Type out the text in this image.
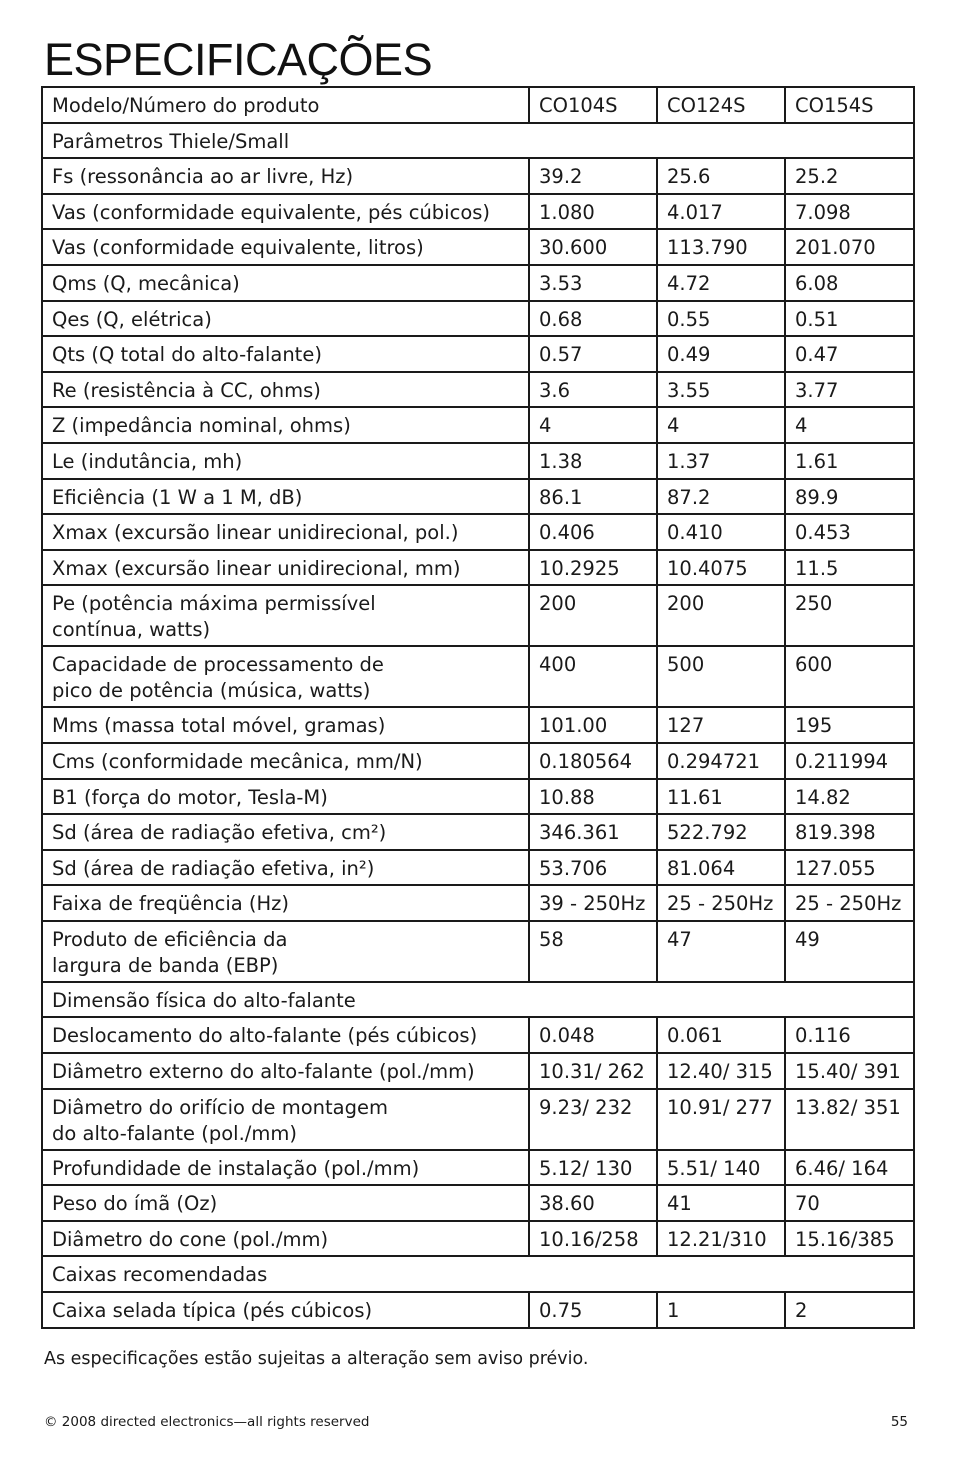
ESPECIFICAÇÕES
Modelo/Número do produto	CO104S	CO124S	CO154S

Parâmetros Thiele/Small			

Fs (ressonância ao ar livre, Hz)	39.2	25.6	25.2

Vas (conformidade equivalente, pés cúbicos)	1.080	4.017	7.098

Vas (conformidade equivalente, litros)	30.600	113.790	201.070

Qms (Q, mecânica)	3.53	4.72	6.08

Qes (Q, elétrica)	0.68	0.55	0.51

Qts (Q total do alto-falante)	0.57	0.49	0.47

Re (resistência à CC, ohms)	3.6	3.55	3.77

Z (impedância nominal, ohms)	4	4	4

Le (indutância, mh)	1.38	1.37	1.61

Eficiência (1 W a 1 M, dB)	86.1	87.2	89.9

Xmax (excursão linear unidirecional, pol.)	0.406	0.410	0.453

Xmax (excursão linear unidirecional, mm)	10.2925	10.4075	11.5

Pe (potência máxima permissível
contínua, watts)	200	200	250

Capacidade de processamento de
pico de potência (música, watts)	400	500	600

Mms (massa total móvel, gramas)	101.00	127	195

Cms (conformidade mecânica, mm/N)	0.180564	0.294721	0.211994

B1 (força do motor, Tesla-M)	10.88	11.61	14.82

Sd (área de radiação efetiva, cm²)	346.361	522.792	819.398

Sd (área de radiação efetiva, in²)	53.706	81.064	127.055

Faixa de freqüência (Hz)	39 - 250Hz	25 - 250Hz	25 - 250Hz

Produto de eficiência da
largura de banda (EBP)	58	47	49

Dimensão física do alto-falante			

Deslocamento do alto-falante (pés cúbicos)	0.048	0.061	0.116

Diâmetro externo do alto-falante (pol./mm)	10.31/ 262	12.40/ 315	15.40/ 391

Diâmetro do orifício de montagem
do alto-falante (pol./mm)	9.23/ 232	10.91/ 277	13.82/ 351

Profundidade de instalação (pol./mm)	5.12/ 130	5.51/ 140	6.46/ 164

Peso do ímã (Oz)	38.60	41	70

Diâmetro do cone (pol./mm)	10.16/258	12.21/310	15.16/385

Caixas recomendadas			

Caixa selada típica (pés cúbicos)	0.75	1	2
As especificações estão sujeitas a alteração sem aviso prévio.
© 2008 directed electronics—all rights reserved	55
